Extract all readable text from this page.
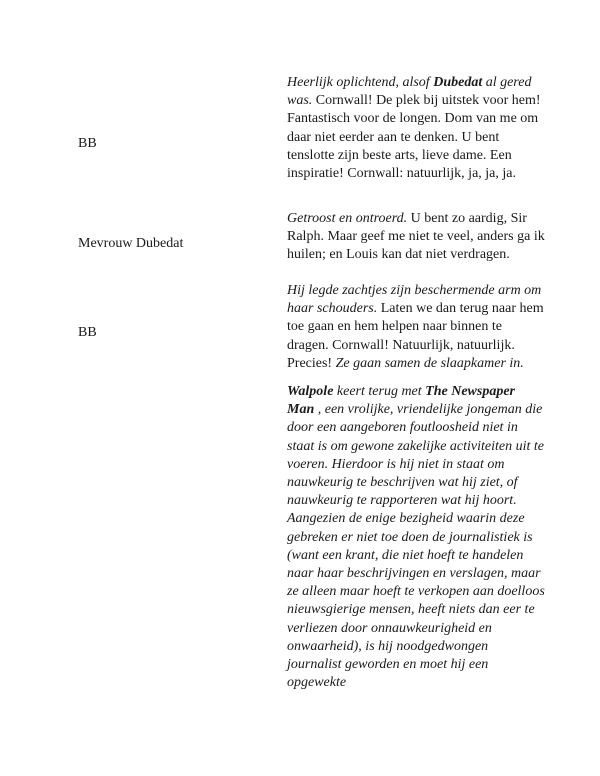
BB

Heerlijk oplichtend, alsof Dubedat al gered was. Cornwall! De plek bij uitstek voor hem! Fantastisch voor de longen. Dom van me om daar niet eerder aan te denken. U bent tenslotte zijn beste arts, lieve dame. Een inspiratie! Cornwall: natuurlijk, ja, ja, ja.

Mevrouw Dubedat

Getroost en ontroerd. U bent zo aardig, Sir Ralph. Maar geef me niet te veel, anders ga ik huilen; en Louis kan dat niet verdragen.

BB

Hij legde zachtjes zijn beschermende arm om haar schouders. Laten we dan terug naar hem toe gaan en hem helpen naar binnen te dragen. Cornwall! Natuurlijk, natuurlijk. Precies! Ze gaan samen de slaapkamer in.

Walpole keert terug met The Newspaper Man , een vrolijke, vriendelijke jongeman die door een aangeboren foutloosheid niet in staat is om gewone zakelijke activiteiten uit te voeren. Hierdoor is hij niet in staat om nauwkeurig te beschrijven wat hij ziet, of nauwkeurig te rapporteren wat hij hoort. Aangezien de enige bezigheid waarin deze gebreken er niet toe doen de journalistiek is (want een krant, die niet hoeft te handelen naar haar beschrijvingen en verslagen, maar ze alleen maar hoeft te verkopen aan doelloos nieuwsgierige mensen, heeft niets dan eer te verliezen door onnauwkeurigheid en onwaarheid), is hij noodgedwongen journalist geworden en moet hij een opgewekte
